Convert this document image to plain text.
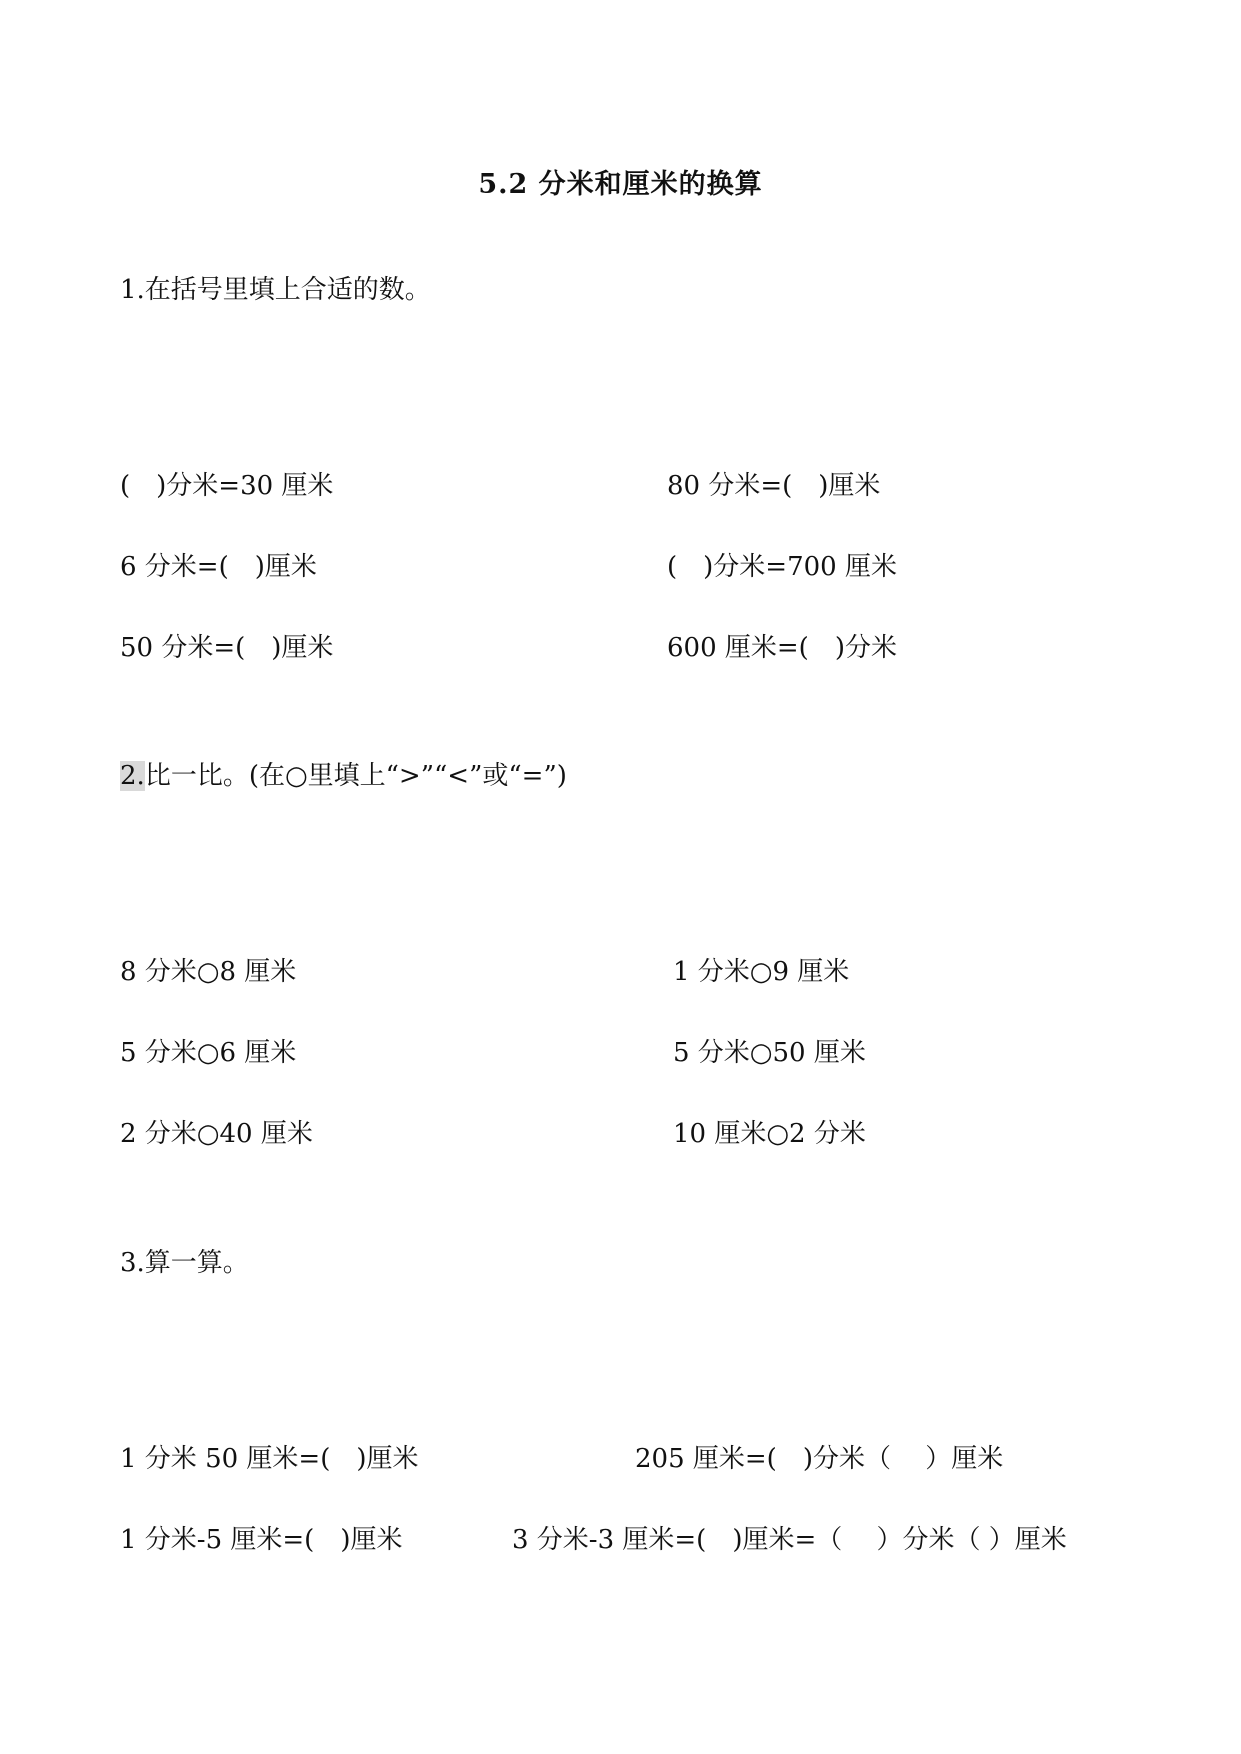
5.2 分米和厘米的换算
1.在括号里填上合适的数。
(　)分米=30 厘米	80 分米=(　)厘米
6 分米=(　)厘米	(　)分米=700 厘米
50 分米=(　)厘米	600 厘米=(　)分米
2.比一比。(在○里填上“>”“<”或“=”)
8 分米○8 厘米	1 分米○9 厘米
5 分米○6 厘米	5 分米○50 厘米
2 分米○40 厘米	10 厘米○2 分米
3.算一算。
1 分米 50 厘米=(　)厘米	205 厘米=(　)分米（　 ）厘米
1 分米-5 厘米=(　)厘米	3 分米-3 厘米=(　)厘米=（　 ）分米（ ）厘米
